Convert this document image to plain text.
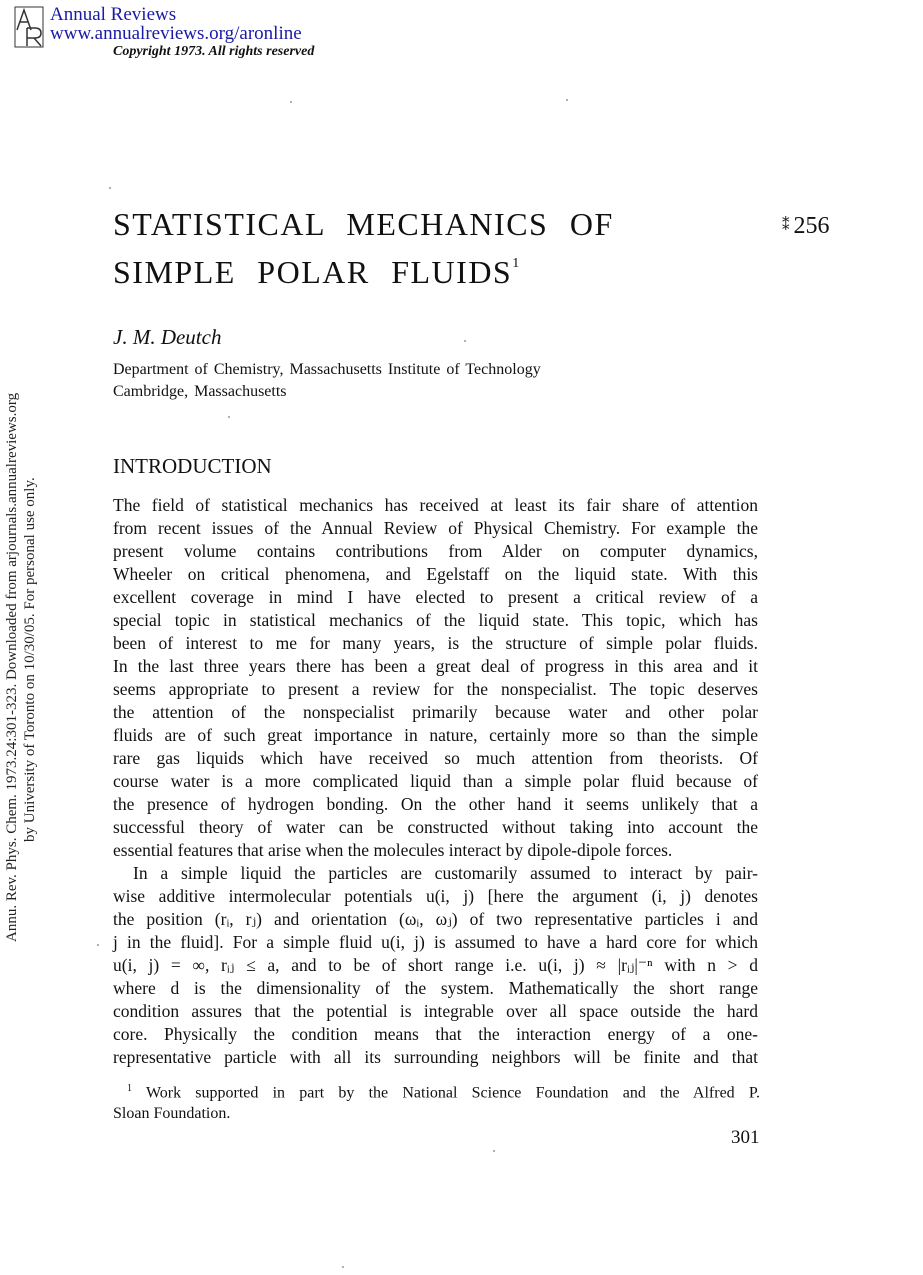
Annual Reviews
www.annualreviews.org/aronline
Copyright 1973. All rights reserved
Annu. Rev. Phys. Chem. 1973.24:301-323. Downloaded from arjournals.annualreviews.org by University of Toronto on 10/30/05. For personal use only.
STATISTICAL MECHANICS OF
SIMPLE POLAR FLUIDS$^1$
⁑ 256
J. M. Deutch
Department of Chemistry, Massachusetts Institute of Technology
Cambridge, Massachusetts
INTRODUCTION
The field of statistical mechanics has received at least its fair share of attention
from recent issues of the Annual Review of Physical Chemistry. For example the
present volume contains contributions from Alder on computer dynamics,
Wheeler on critical phenomena, and Egelstaff on the liquid state. With this
excellent coverage in mind I have elected to present a critical review of a
special topic in statistical mechanics of the liquid state. This topic, which has
been of interest to me for many years, is the structure of simple polar fluids.
In the last three years there has been a great deal of progress in this area and it
seems appropriate to present a review for the nonspecialist. The topic deserves
the attention of the nonspecialist primarily because water and other polar
fluids are of such great importance in nature, certainly more so than the simple
rare gas liquids which have received so much attention from theorists. Of
course water is a more complicated liquid than a simple polar fluid because of
the presence of hydrogen bonding. On the other hand it seems unlikely that a
successful theory of water can be constructed without taking into account the
essential features that arise when the molecules interact by dipole-dipole forces.
In a simple liquid the particles are customarily assumed to interact by pair-
wise additive intermolecular potentials u(i, j) [here the argument (i, j) denotes
the position (rᵢ, rⱼ) and orientation (ωᵢ, ωⱼ) of two representative particles i and
j in the fluid]. For a simple fluid u(i, j) is assumed to have a hard core for which
u(i, j) = ∞, rᵢⱼ ≤ a, and to be of short range i.e. u(i, j) ≈ |rᵢⱼ|⁻ⁿ with n > d
where d is the dimensionality of the system. Mathematically the short range
condition assures that the potential is integrable over all space outside the hard
core. Physically the condition means that the interaction energy of a one-
representative particle with all its surrounding neighbors will be finite and that
$^1$ Work supported in part by the National Science Foundation and the Alfred P.
Sloan Foundation.
301
